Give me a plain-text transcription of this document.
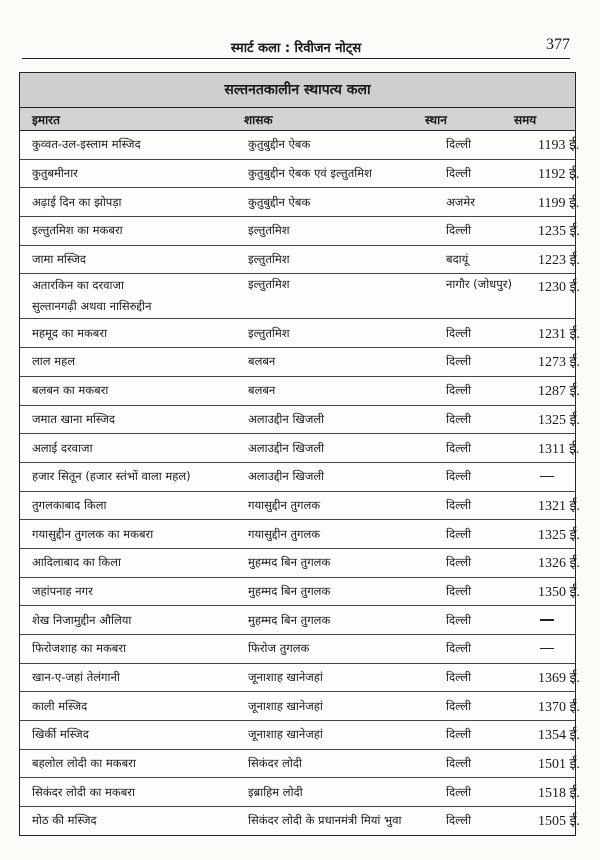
स्मार्ट कला : रिवीजन नोट्स	377
सल्तनतकालीन स्थापत्य कला
इमारत	शासक	स्थान	समय
कुव्वत-उल-इस्लाम मस्जिद	कुतुबुद्दीन ऐबक	दिल्ली	1193 ई.
कुतुबमीनार	कुतुबुद्दीन ऐबक एवं इल्तुतमिश	दिल्ली	1192 ई.
अढ़ाई दिन का झोपड़ा	कुतुबुद्दीन ऐबक	अजमेर	1199 ई.
इल्तुतमिश का मकबरा	इल्तुतमिश	दिल्ली	1235 ई.
जामा मस्जिद	इल्तुतमिश	बदायूं	1223 ई.

अतारकिन का दरवाजा
सुल्तानगढ़ी अथवा नासिरुद्दीन	इल्तुतमिश	नागौर (जोधपुर)	1230 ई.
महमूद का मकबरा	इल्तुतमिश	दिल्ली	1231 ई.
लाल महल	बलबन	दिल्ली	1273 ई.
बलबन का मकबरा	बलबन	दिल्ली	1287 ई.
जमात खाना मस्जिद	अलाउद्दीन खिजली	दिल्ली	1325 ई.
अलाई दरवाजा	अलाउद्दीन खिजली	दिल्ली	1311 ई.
हजार सितून (हजार स्तंभों वाला महल)	अलाउद्दीन खिजली	दिल्ली	
तुगलकाबाद किला	गयासुद्दीन तुगलक	दिल्ली	1321 ई.
गयासुद्दीन तुगलक का मकबरा	गयासुद्दीन तुगलक	दिल्ली	1325 ई.
आदिलाबाद का किला	मुहम्मद बिन तुगलक	दिल्ली	1326 ई.
जहांपनाह नगर	मुहम्मद बिन तुगलक	दिल्ली	1350 ई.
शेख निजामुद्दीन औलिया	मुहम्मद बिन तुगलक	दिल्ली	
फिरोजशाह का मकबरा	फिरोज तुगलक	दिल्ली	
खान-ए-जहां तेलंगानी	जूनाशाह खानेजहां	दिल्ली	1369 ई.
काली मस्जिद	जूनाशाह खानेजहां	दिल्ली	1370 ई.
खिर्की मस्जिद	जूनाशाह खानेजहां	दिल्ली	1354 ई.
बहलोल लोदी का मकबरा	सिकंदर लोदी	दिल्ली	1501 ई.
सिकंदर लोदी का मकबरा	इब्राहिम लोदी	दिल्ली	1518 ई.
मोठ की मस्जिद	सिकंदर लोदी के प्रधानमंत्री मियां भुवा	दिल्ली	1505 ई.
